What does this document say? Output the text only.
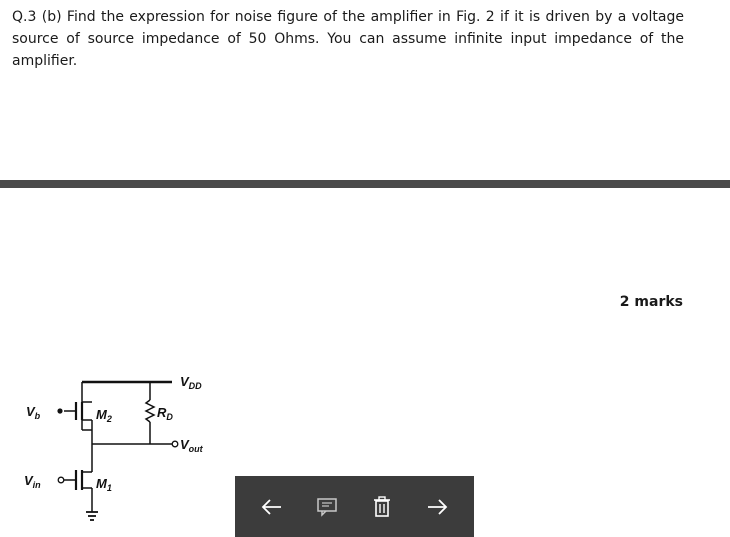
Q.3 (b) Find the expression for noise figure of the amplifier in Fig. 2 if it is driven by a voltage source of source impedance of 50 Ohms. You can assume infinite input impedance of the amplifier.
2 marks
$V_{DD}$
$V_b$	$M_2$	$R_D$
$V_{out}$
$V_{in}$	$M_1$
